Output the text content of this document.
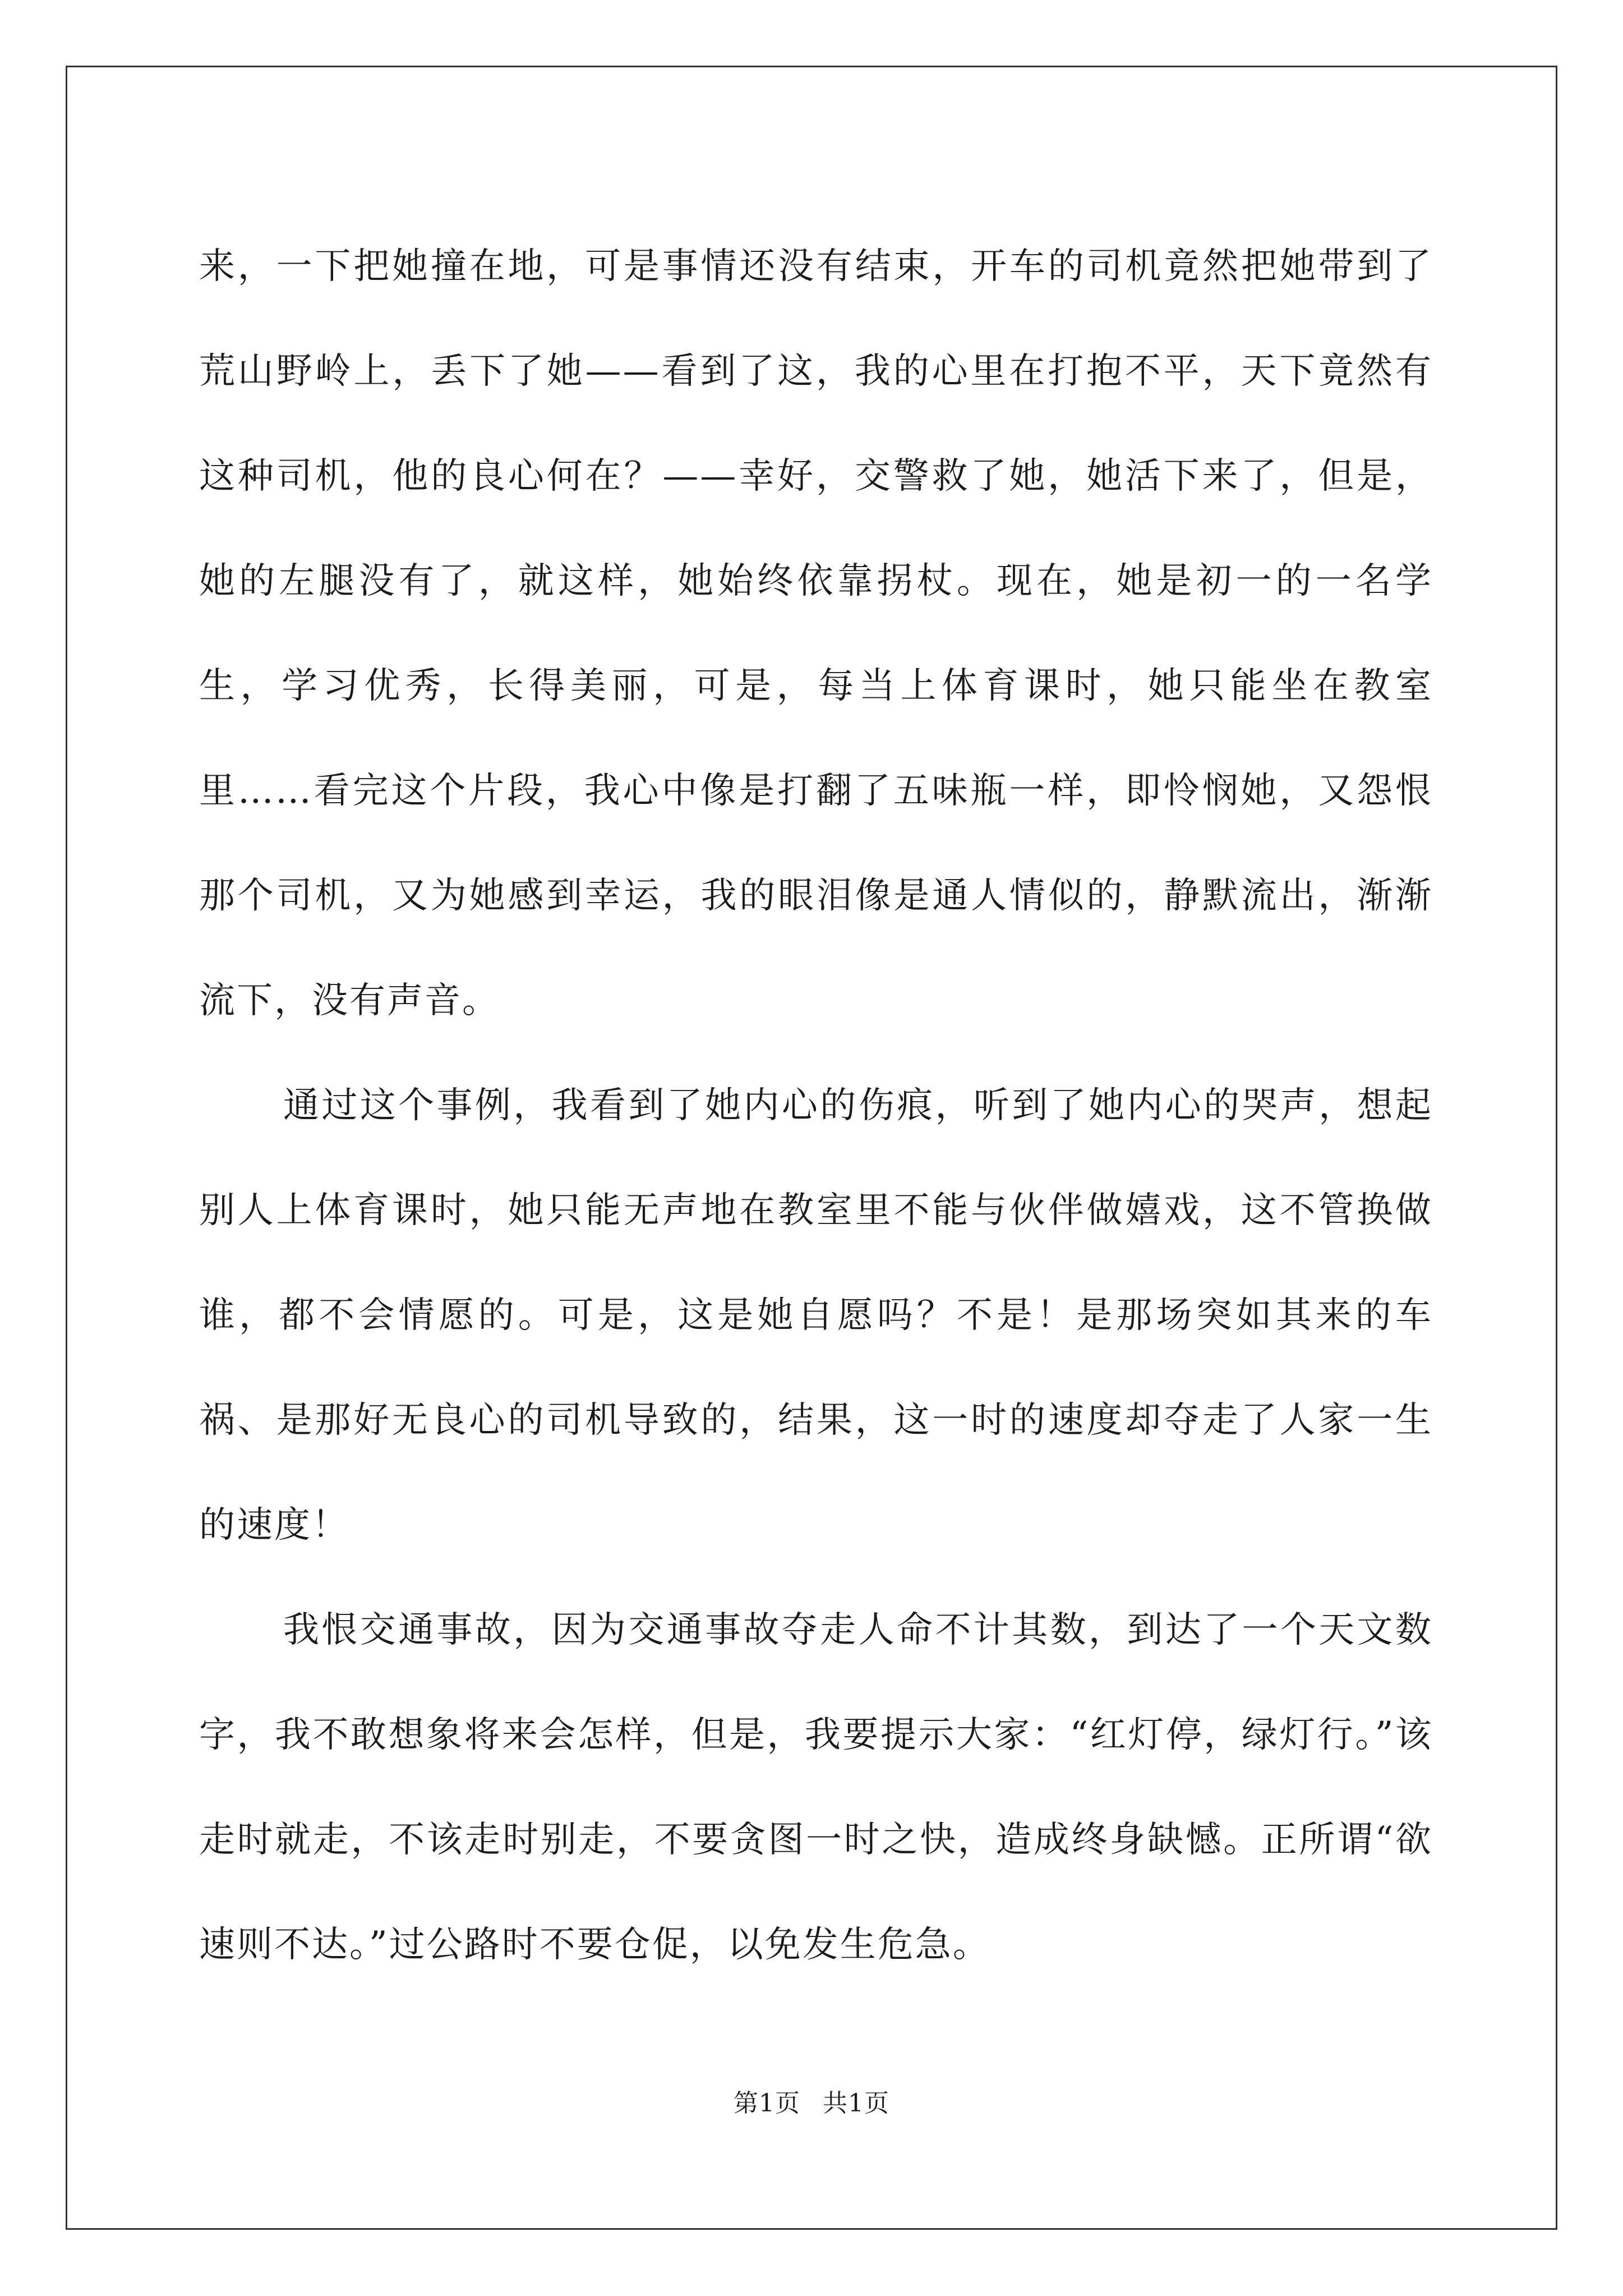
来，一下把她撞在地，可是事情还没有结束，开车的司机竟然把她带到了荒山野岭上，丢下了她——看到了这，我的心里在打抱不平，天下竟然有这种司机，他的良心何在？——幸好，交警救了她，她活下来了，但是，她的左腿没有了，就这样，她始终依靠拐杖。现在，她是初一的一名学生，学习优秀，长得美丽，可是，每当上体育课时，她只能坐在教室里……看完这个片段，我心中像是打翻了五味瓶一样，即怜悯她，又怨恨那个司机，又为她感到幸运，我的眼泪像是通人情似的，静默流出，渐渐流下，没有声音。

通过这个事例，我看到了她内心的伤痕，听到了她内心的哭声，想起别人上体育课时，她只能无声地在教室里不能与伙伴做嬉戏，这不管换做谁，都不会情愿的。可是，这是她自愿吗？不是！是那场突如其来的车祸、是那好无良心的司机导致的，结果，这一时的速度却夺走了人家一生的速度！

我恨交通事故，因为交通事故夺走人命不计其数，到达了一个天文数字，我不敢想象将来会怎样，但是，我要提示大家：“红灯停，绿灯行。”该走时就走，不该走时别走，不要贪图一时之快，造成终身缺憾。正所谓“欲速则不达。”过公路时不要仓促，以免发生危急。

第1页 共1页
